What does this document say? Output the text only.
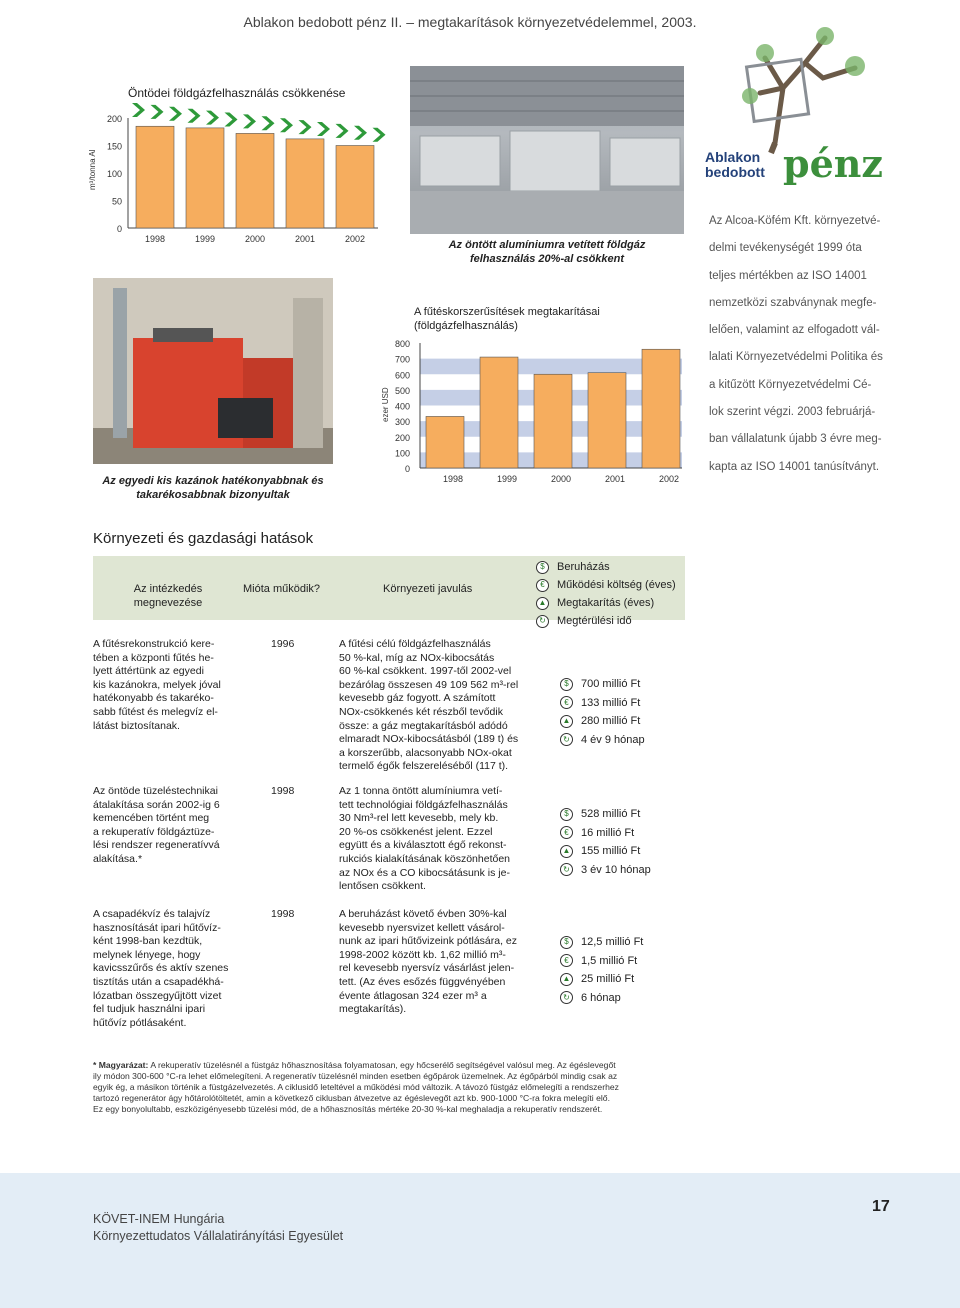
Ablakon bedobott pénz II. – megtakarítások környezetvédelemmel, 2003.
Öntödei földgázfelhasználás csökkenése
m³/tonna Al
200
150
100
50
0
1998	1999	2000	2001	2002	Az öntött alumíniumra vetített földgáz
felhasználás 20%-al csökkent
Ablakon
bedobott pénz
Az Alcoa-Köfém Kft. környezetvé-
delmi tevékenységét 1999 óta
teljes mértékben az ISO 14001
nemzetközi szabványnak megfe-
lelően, valamint az elfogadott vál-
lalati Környezetvédelmi Politika és
a kitűzött Környezetvédelmi Cé-
lok szerint végzi. 2003 februárjá-
ban vállalatunk újabb 3 évre meg-
kapta az ISO 14001 tanúsítványt.
Az egyedi kis kazánok hatékonyabbnak és
takarékosabbnak bizonyultak
A fűtéskorszerűsítések megtakarításai
(földgázfelhasználás)
ezer USD
800
700
600
500
400
300
200
100
0
1998	1999	2000	2001	2002
Környezeti és gazdasági hatások
Az intézkedés
megnevezése
Mióta működik?	Környezeti javulás
$	Beruházás
€	Működési költség (éves)
▲ Megtakarítás (éves)
↻ Megtérülési idő
A fűtésrekonstrukció kere-
tében a központi fűtés he-
lyett áttértünk az egyedi
kis kazánokra, melyek jóval
hatékonyabb és takarékο-
sabb fűtést és melegvíz el-
látást biztosítanak.
1996	A fűtési célú földgázfelhasználás
50 %-kal, míg az NOx-kibocsátás
60 %-kal csökkent. 1997-től 2002-vel
bezárólag összesen 49 109 562 m³-rel
kevesebb gáz fogyott. A számított
NOx-csökkenés két részből tevődik
össze: a gáz megtakarításból adódó
elmaradt NOx-kibocsátásból (189 t) és
a korszerűbb, alacsonyabb NOx-okat
termelő égők felszereléséből (117 t).
$	700 millió Ft
€	133 millió Ft
▲ 280 millió Ft
↻ 4 év 9 hónap
Az öntöde tüzeléstechnikai
átalakítása során 2002-ig 6
kemencében történt meg
a rekuperatív földgáztüze-
lési rendszer regeneratívvá
alakítása.*
1998	Az 1 tonna öntött alumíniumra vetí-
tett technológiai földgázfelhasználás
30 Nm³-rel lett kevesebb, mely kb.
20 %-os csökkenést jelent. Ezzel
együtt és a kiválasztott égő rekonst-
rukciós kialakításának köszönhetően
az NOx és a CO kibocsátásunk is je-
lentősen csökkent.
$	528 millió Ft
€	16 millió Ft
▲ 155 millió Ft
↻ 3 év 10 hónap
A csapadékvíz és talajvíz
hasznosítását ipari hűtővíz-
ként 1998-ban kezdtük,
melynek lényege, hogy
kavicsszűrős és aktív szenes
tisztítás után a csapadékhá-
lózatban összegyűjtött vizet
fel tudjuk használni ipari
hűtővíz pótlásaként.
1998	A beruházást követő évben 30%-kal
kevesebb nyersvizet kellett vásárol-
nunk az ipari hűtővizeink pótlására, ez
1998-2002 között kb. 1,62 millió m³-
rel kevesebb nyersvíz vásárlást jelen-
tett. (Az éves esőzés függvényében
évente átlagosan 324 ezer m³ a
megtakarítás).
$	12,5 millió Ft
€	1,5 millió Ft
▲ 25 millió Ft
↻ 6 hónap
* Magyarázat: A rekuperatív tüzelésnél a füstgáz hőhasznosítása folyamatosan, egy hőcserélő segítségével valósul meg. Az égéslevegőt
ily módon 300-600 °C-ra lehet előmelegíteni. A regeneratív tüzelésnél minden esetben égőpárok üzemelnek. Az égőpárból mindig csak az
egyik ég, a másikon történik a füstgázelvezetés. A ciklusidő leteltével a működési mód változik. A távozó füstgáz előmelegíti a rendszerhez
tartozó regenerátor ágy hőtárolótöltetét, amin a következő ciklusban átvezetve az égéslevegőt azt kb. 900-1000 °C-ra fokra melegíti elő.
Ez egy bonyolultabb, eszközigényesebb tüzelési mód, de a hőhasznosítás mértéke 20-30 %-kal meghaladja a rekuperatív rendszerét.
KÖVET-INEM Hungária
Környezettudatos Vállalatirányítási Egyesület
17
